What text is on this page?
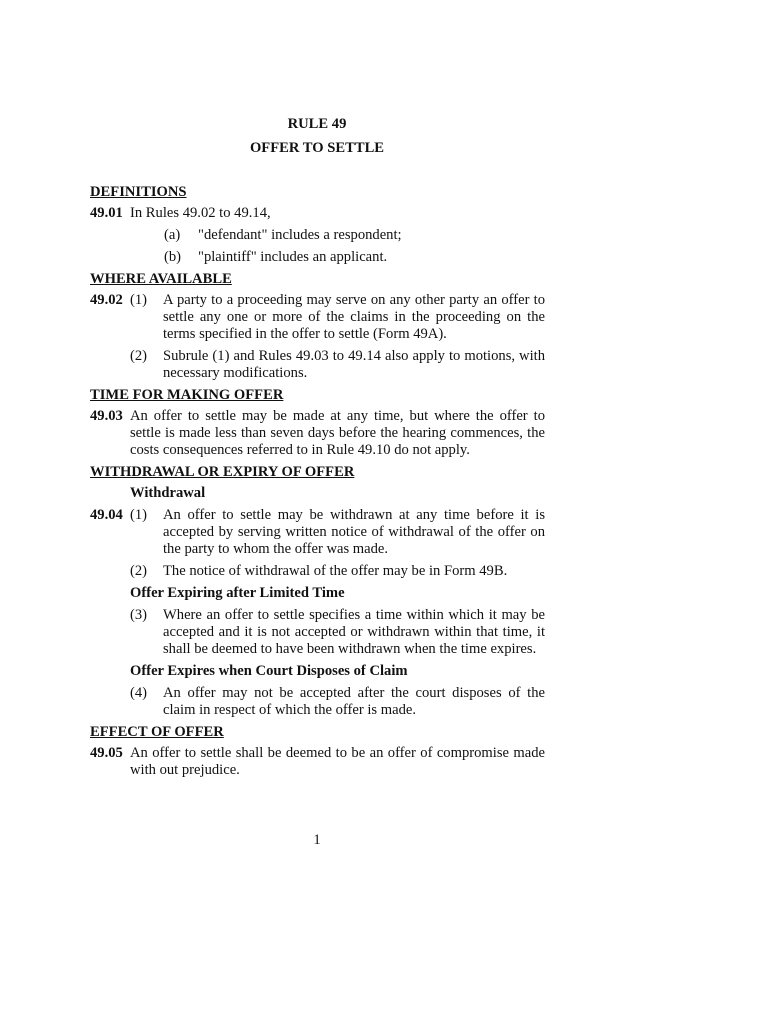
RULE 49
OFFER TO SETTLE
DEFINITIONS
49.01 In Rules 49.02 to 49.14,
(a)	"defendant" includes a respondent;
(b)	"plaintiff" includes an applicant.
WHERE AVAILABLE
49.02 (1)	A party to a proceeding may serve on any other party an offer to settle any one or more of the claims in the proceeding on the terms specified in the offer to settle (Form 49A).
(2)	Subrule (1) and Rules 49.03 to 49.14 also apply to motions, with necessary modifications.
TIME FOR MAKING OFFER
49.03 An offer to settle may be made at any time, but where the offer to settle is made less than seven days before the hearing commences, the costs consequences referred to in Rule 49.10 do not apply.
WITHDRAWAL OR EXPIRY OF OFFER
Withdrawal
49.04 (1)	An offer to settle may be withdrawn at any time before it is accepted by serving written notice of withdrawal of the offer on the party to whom the offer was made.
(2)	The notice of withdrawal of the offer may be in Form 49B.
Offer Expiring after Limited Time
(3)	Where an offer to settle specifies a time within which it may be accepted and it is not accepted or withdrawn within that time, it shall be deemed to have been withdrawn when the time expires.
Offer Expires when Court Disposes of Claim
(4)	An offer may not be accepted after the court disposes of the claim in respect of which the offer is made.
EFFECT OF OFFER
49.05 An offer to settle shall be deemed to be an offer of compromise made with out prejudice.
1
